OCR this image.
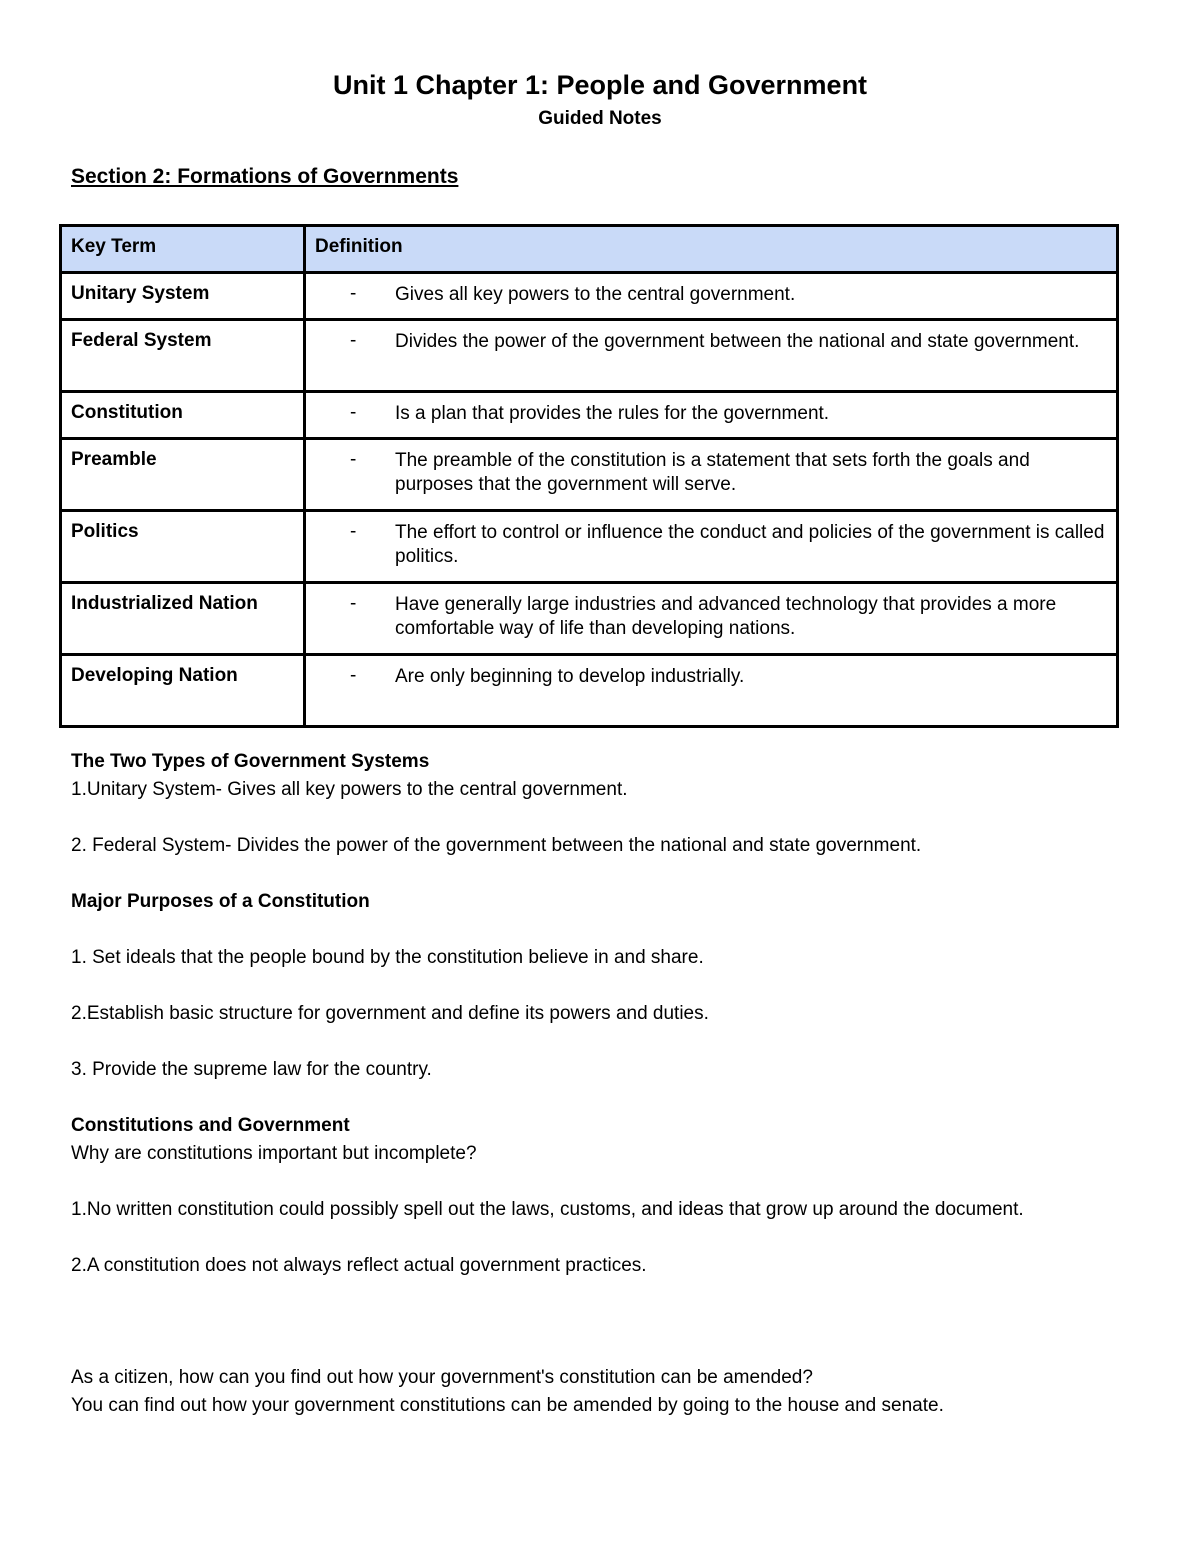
Unit 1 Chapter 1: People and Government
Guided Notes
Section 2: Formations of Governments
Key Term	Definition
Unitary System	- Gives all key powers to the central government.

Federal System	- Divides the power of the government between the national and state government.

Constitution	- Is a plan that provides the rules for the government.

Preamble	- The preamble of the constitution is a statement that sets forth the goals and purposes that the government will serve.

Politics	- The effort to control or influence the conduct and policies of the government is called politics.

Industrialized Nation	- Have generally large industries and advanced technology that provides a more comfortable way of life than developing nations.

Developing Nation	- Are only beginning to develop industrially.

The Two Types of Government Systems

1.Unitary System- Gives all key powers to the central government.

2. Federal System- Divides the power of the government between the national and state government.

Major Purposes of a Constitution

1. Set ideals that the people bound by the constitution believe in and share.

2.Establish basic structure for government and define its powers and duties.

3. Provide the supreme law for the country.

Constitutions and Government

Why are constitutions important but incomplete?

1.No written constitution could possibly spell out the laws, customs, and ideas that grow up around the document.

2.A constitution does not always reflect actual government practices.

As a citizen, how can you find out how your government's constitution can be amended?

You can find out how your government constitutions can be amended by going to the house and senate.
